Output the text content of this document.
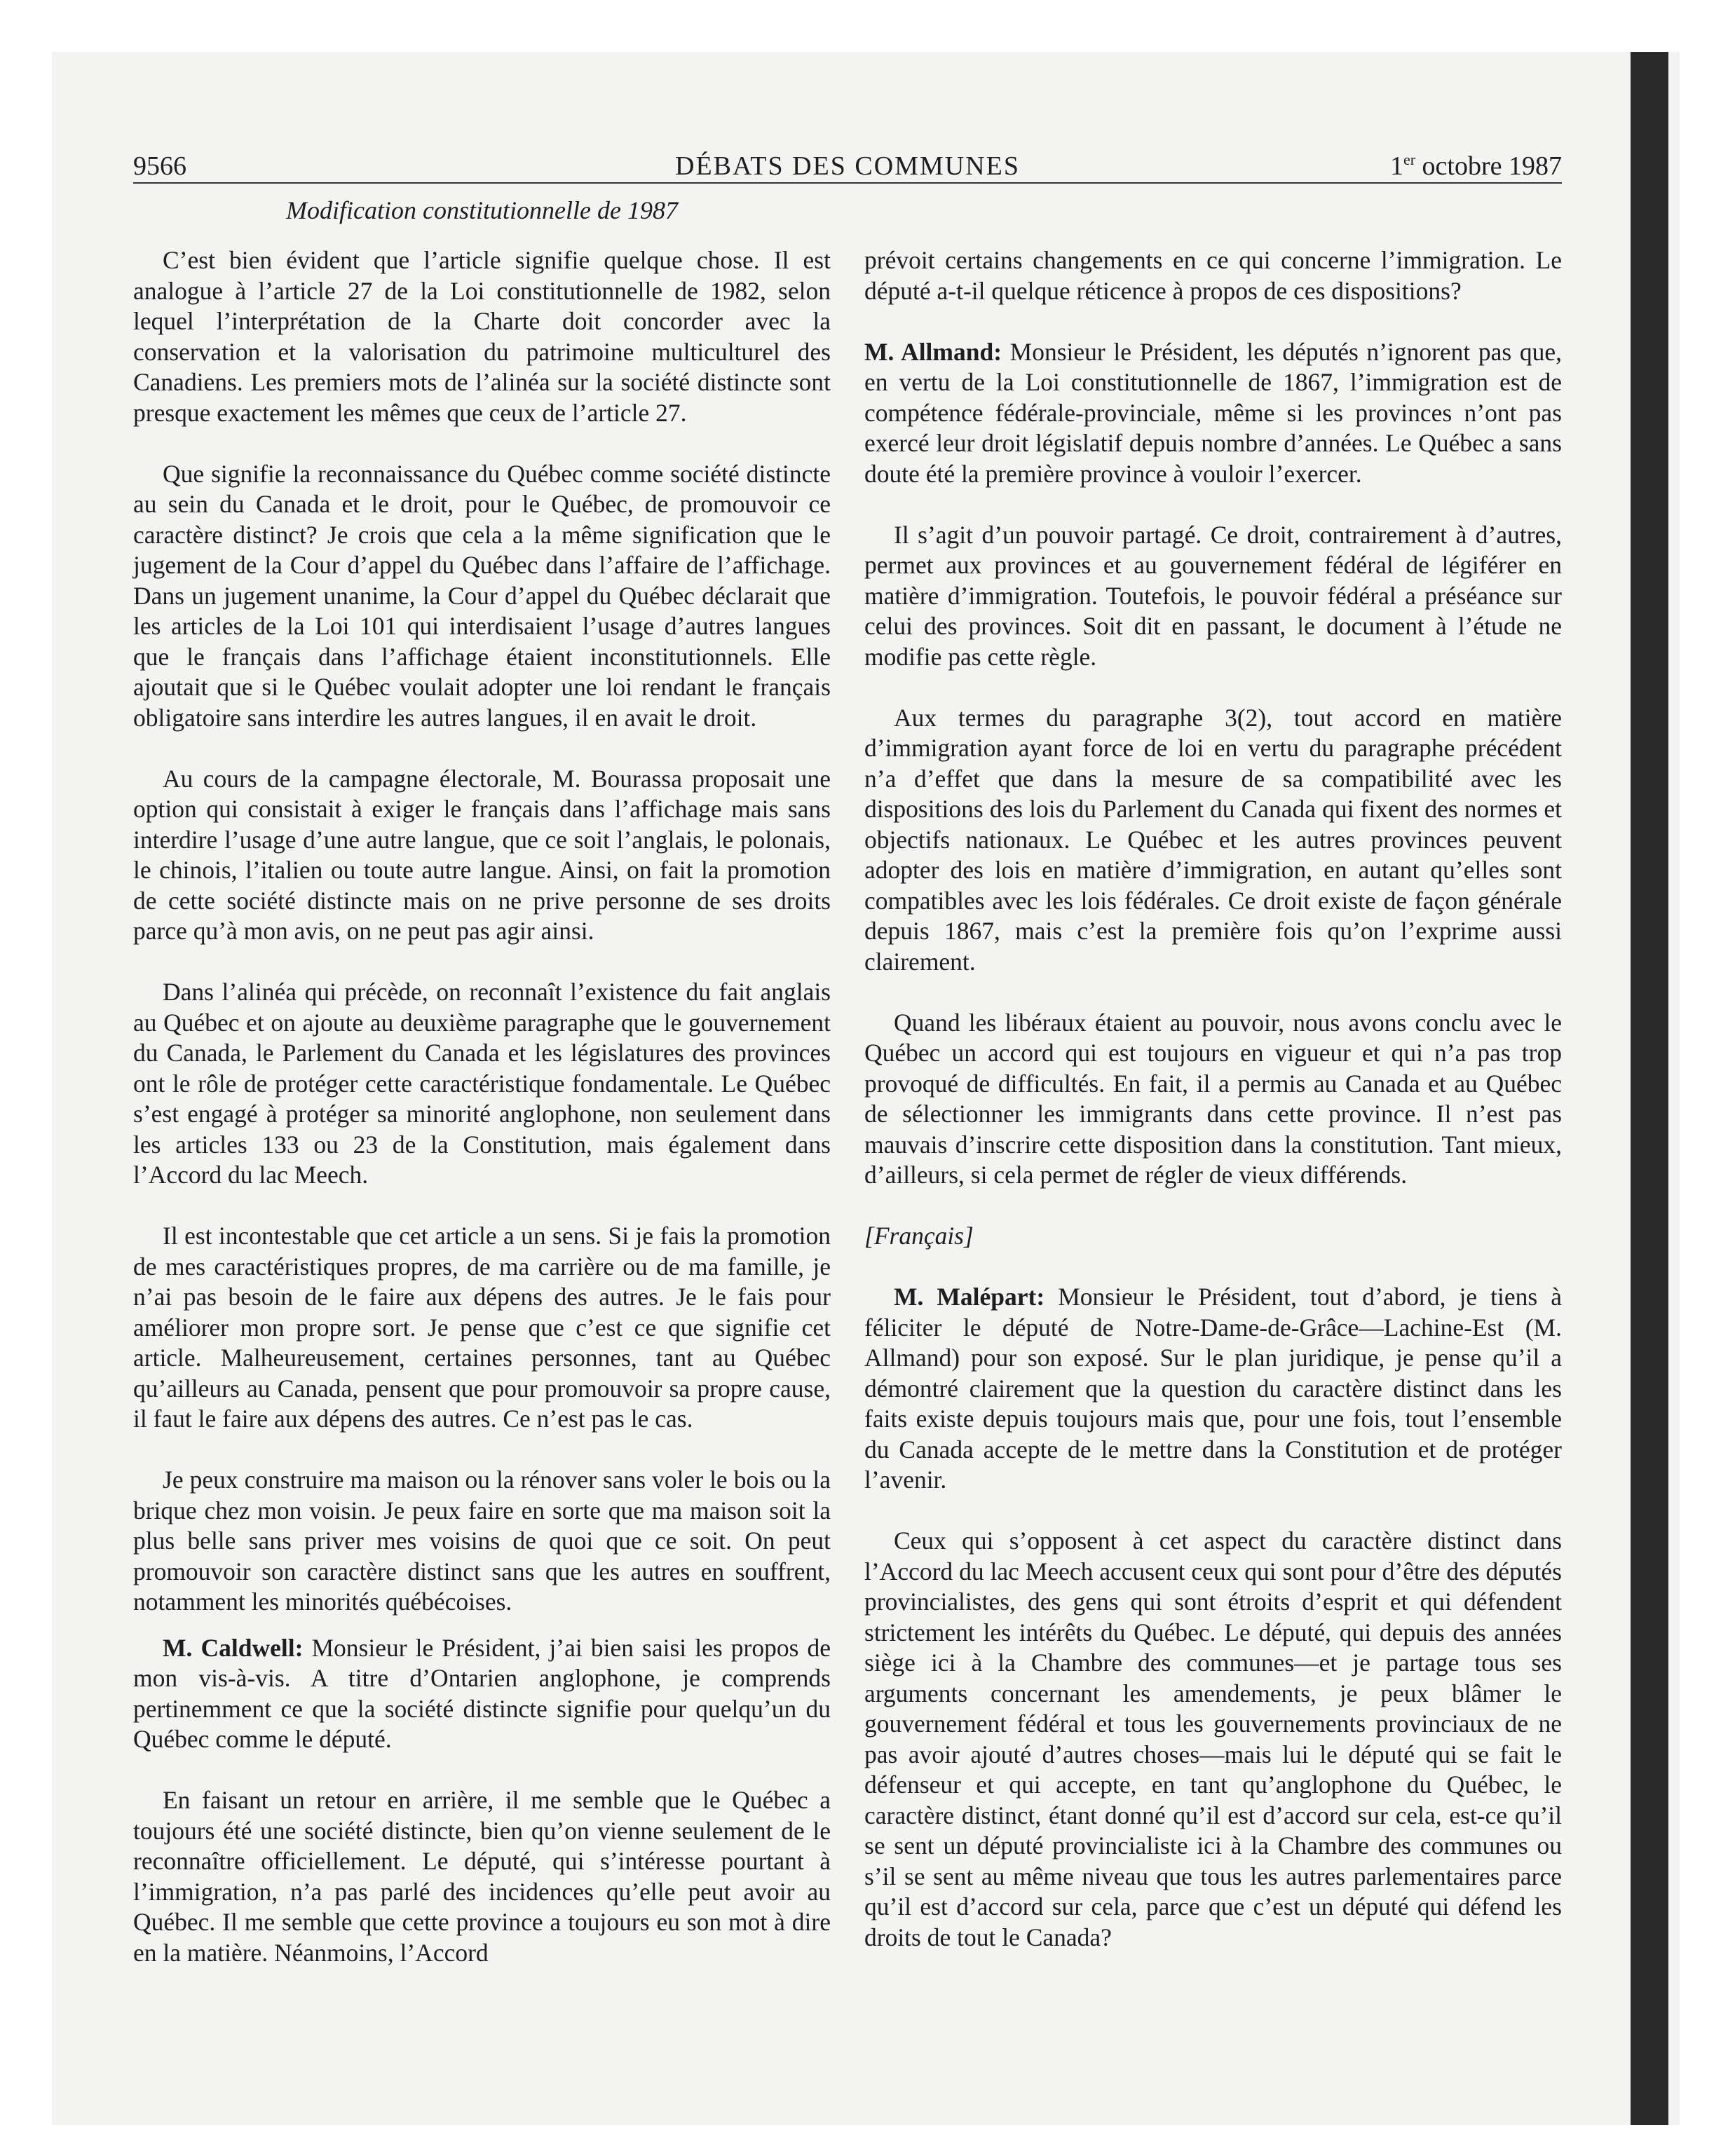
9566	DÉBATS DES COMMUNES	1er octobre 1987
Modification constitutionnelle de 1987

C’est bien évident que l’article signifie quelque chose. Il est analogue à l’article 27 de la Loi constitutionnelle de 1982, selon lequel l’interprétation de la Charte doit concorder avec la conservation et la valorisation du patrimoine multiculturel des Canadiens. Les premiers mots de l’alinéa sur la société distincte sont presque exactement les mêmes que ceux de l’article 27.

Que signifie la reconnaissance du Québec comme société distincte au sein du Canada et le droit, pour le Québec, de promouvoir ce caractère distinct? Je crois que cela a la même signification que le jugement de la Cour d’appel du Québec dans l’affaire de l’affichage. Dans un jugement unanime, la Cour d’appel du Québec déclarait que les articles de la Loi 101 qui interdisaient l’usage d’autres langues que le français dans l’affichage étaient inconstitutionnels. Elle ajoutait que si le Québec voulait adopter une loi rendant le français obligatoire sans interdire les autres langues, il en avait le droit.

Au cours de la campagne électorale, M. Bourassa proposait une option qui consistait à exiger le français dans l’affichage mais sans interdire l’usage d’une autre langue, que ce soit l’anglais, le polonais, le chinois, l’italien ou toute autre langue. Ainsi, on fait la promotion de cette société distincte mais on ne prive personne de ses droits parce qu’à mon avis, on ne peut pas agir ainsi.

Dans l’alinéa qui précède, on reconnaît l’existence du fait anglais au Québec et on ajoute au deuxième paragraphe que le gouvernement du Canada, le Parlement du Canada et les législatures des provinces ont le rôle de protéger cette caractéristique fondamentale. Le Québec s’est engagé à protéger sa minorité anglophone, non seulement dans les articles 133 ou 23 de la Constitution, mais également dans l’Accord du lac Meech.

Il est incontestable que cet article a un sens. Si je fais la promotion de mes caractéristiques propres, de ma carrière ou de ma famille, je n’ai pas besoin de le faire aux dépens des autres. Je le fais pour améliorer mon propre sort. Je pense que c’est ce que signifie cet article. Malheureusement, certaines personnes, tant au Québec qu’ailleurs au Canada, pensent que pour promouvoir sa propre cause, il faut le faire aux dépens des autres. Ce n’est pas le cas.

Je peux construire ma maison ou la rénover sans voler le bois ou la brique chez mon voisin. Je peux faire en sorte que ma maison soit la plus belle sans priver mes voisins de quoi que ce soit. On peut promouvoir son caractère distinct sans que les autres en souffrent, notamment les minorités québécoises.

M. Caldwell: Monsieur le Président, j’ai bien saisi les propos de mon vis-à-vis. A titre d’Ontarien anglophone, je comprends pertinemment ce que la société distincte signifie pour quelqu’un du Québec comme le député.

En faisant un retour en arrière, il me semble que le Québec a toujours été une société distincte, bien qu’on vienne seulement de le reconnaître officiellement. Le député, qui s’intéresse pourtant à l’immigration, n’a pas parlé des incidences qu’elle peut avoir au Québec. Il me semble que cette province a toujours eu son mot à dire en la matière. Néanmoins, l’Accord

prévoit certains changements en ce qui concerne l’immigration. Le député a-t-il quelque réticence à propos de ces dispositions?

M. Allmand: Monsieur le Président, les députés n’ignorent pas que, en vertu de la Loi constitutionnelle de 1867, l’immigration est de compétence fédérale-provinciale, même si les provinces n’ont pas exercé leur droit législatif depuis nombre d’années. Le Québec a sans doute été la première province à vouloir l’exercer.

Il s’agit d’un pouvoir partagé. Ce droit, contrairement à d’autres, permet aux provinces et au gouvernement fédéral de légiférer en matière d’immigration. Toutefois, le pouvoir fédéral a préséance sur celui des provinces. Soit dit en passant, le document à l’étude ne modifie pas cette règle.

Aux termes du paragraphe 3(2), tout accord en matière d’immigration ayant force de loi en vertu du paragraphe précédent n’a d’effet que dans la mesure de sa compatibilité avec les dispositions des lois du Parlement du Canada qui fixent des normes et objectifs nationaux. Le Québec et les autres provinces peuvent adopter des lois en matière d’immigration, en autant qu’elles sont compatibles avec les lois fédérales. Ce droit existe de façon générale depuis 1867, mais c’est la première fois qu’on l’exprime aussi clairement.

Quand les libéraux étaient au pouvoir, nous avons conclu avec le Québec un accord qui est toujours en vigueur et qui n’a pas trop provoqué de difficultés. En fait, il a permis au Canada et au Québec de sélectionner les immigrants dans cette province. Il n’est pas mauvais d’inscrire cette disposition dans la constitution. Tant mieux, d’ailleurs, si cela permet de régler de vieux différends.

[Français]

M. Malépart: Monsieur le Président, tout d’abord, je tiens à féliciter le député de Notre-Dame-de-Grâce—Lachine-Est (M. Allmand) pour son exposé. Sur le plan juridique, je pense qu’il a démontré clairement que la question du caractère distinct dans les faits existe depuis toujours mais que, pour une fois, tout l’ensemble du Canada accepte de le mettre dans la Constitution et de protéger l’avenir.

Ceux qui s’opposent à cet aspect du caractère distinct dans l’Accord du lac Meech accusent ceux qui sont pour d’être des députés provincialistes, des gens qui sont étroits d’esprit et qui défendent strictement les intérêts du Québec. Le député, qui depuis des années siège ici à la Chambre des communes—et je partage tous ses arguments concernant les amendements, je peux blâmer le gouvernement fédéral et tous les gouvernements provinciaux de ne pas avoir ajouté d’autres choses—mais lui le député qui se fait le défenseur et qui accepte, en tant qu’anglophone du Québec, le caractère distinct, étant donné qu’il est d’accord sur cela, est-ce qu’il se sent un député provincialiste ici à la Chambre des communes ou s’il se sent au même niveau que tous les autres parlementaires parce qu’il est d’accord sur cela, parce que c’est un député qui défend les droits de tout le Canada?
